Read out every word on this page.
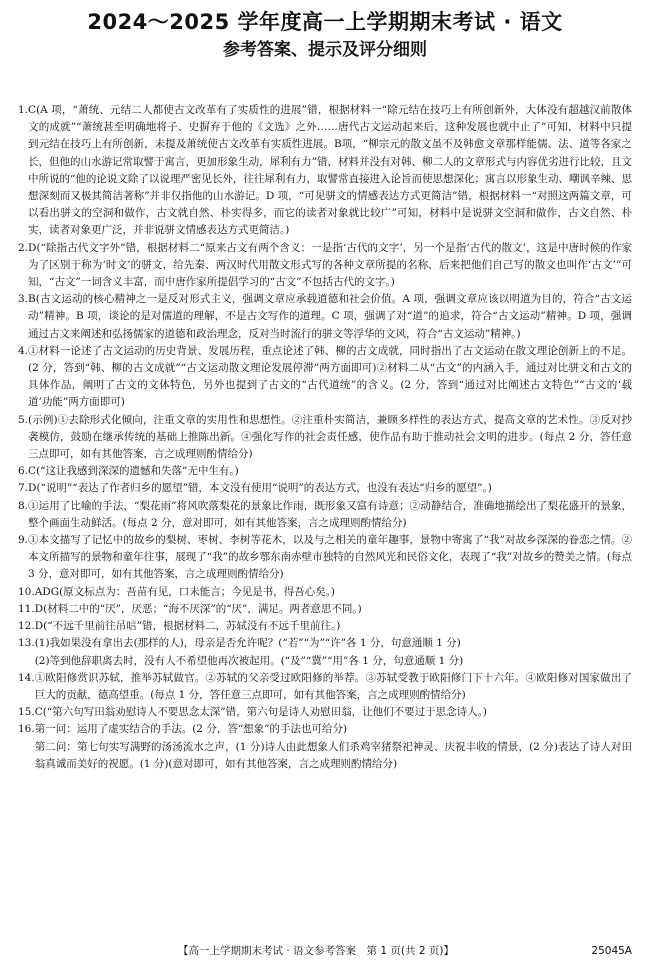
2024～2025 学年度高一上学期期末考试 · 语文
参考答案、提示及评分细则
1. C(A 项，“萧统、元结二人都使古文改革有了实质性的进展”错，根据材料一“除元结在技巧上有所创新外，大体没有超越汉前散体文的成就”“萧统甚至明确地将子、史摒弃于他的《文选》之外……唐代古文运动起来后，这种发展也就中止了”可知，材料中只提到元结在技巧上有所创新，未提及萧统使古文改革有实质性进展。B项，“柳宗元的散文虽不及韩愈文章那样能儒、法、道等各家之长，但他的山水游记常取譬于寓言，更加形象生动，犀利有力”错，材料并没有对韩、柳二人的文章形式与内容优劣进行比较，且文中所说的“他的论说文除了以说理严密见长外，往往犀利有力，取譬常直接进入论旨而使思想深化；寓言以形象生动、嘲讽辛辣、思想深刻而又极其简洁著称”并非仅指他的山水游记。D 项，“可见骈文的情感表达方式更简洁”错，根据材料一“对照这两篇文章，可以看出骈文的空洞和做作，古文就自然、朴实得多，而它的读者对象就比较广”可知，材料中是说骈文空洞和做作，古文自然、朴实，读者对象更广泛，并非说骈文情感表达方式更简洁。)
2. D(“除指古代文字外”错，根据材料二“原来古文有两个含义：一是指‘古代的文字’，另一个是指‘古代的散文’，这是中唐时候的作家为了区别于称为‘时文’的骈文，给先秦、两汉时代用散文形式写的各种文章所提的名称，后来把他们自己写的散文也叫作‘古文’”可知，“古文”一词含义丰富，而中唐作家所提倡学习的“古文”不包括古代的文字。)
3. B(古文运动的核心精神之一是反对形式主义，强调文章应承载道德和社会价值。A 项，强调文章应该以明道为目的，符合“古文运动”精神。B 项，谈论的是对儒道的理解，不是古文写作的道理。C 项，强调了对“道”的追求，符合“古文运动”精神。D 项，强调通过古文来阐述和弘扬儒家的道德和政治理念，反对当时流行的骈文等浮华的文风，符合“古文运动”精神。)
4. ①材料一论述了古文运动的历史背景、发展历程，重点论述了韩、柳的古文成就，同时指出了古文运动在散文理论创新上的不足。(2 分，答到“韩、柳的古文成就”“古文运动散文理论发展停滞”两方面即可)②材料二从“古文”的内涵入手，通过对比骈文和古文的具体作品，阐明了古文的文体特色，另外也提到了古文的“古代道统”的含义。(2 分，答到“通过对比阐述古文特色”“古文的‘载道’功能”两方面即可)
5. (示例)①去除形式化倾向，注重文章的实用性和思想性。②注重朴实简洁，兼顾多样性的表达方式，提高文章的艺术性。③反对抄袭模仿，鼓励在继承传统的基础上推陈出新。④强化写作的社会责任感，使作品有助于推动社会文明的进步。(每点 2 分，答任意三点即可，如有其他答案，言之成理则酌情给分)
6. C(“这让我感到深深的遗憾和失落”无中生有。)
7. D(“说明”“表达了作者归乡的愿望”错，本文没有使用“说明”的表达方式，也没有表达“归乡的愿望”。)
8. ①运用了比喻的手法，“梨花雨”将风吹落梨花的景象比作雨，既形象又富有诗意；②动静结合，准确地描绘出了梨花盛开的景象，整个画面生动鲜活。(每点 2 分，意对即可，如有其他答案，言之成理则酌情给分)
9. ①本文描写了记忆中的故乡的梨树、枣树、李树等花木，以及与之相关的童年趣事，景物中寄寓了“我”对故乡深深的眷恋之情。②本文所描写的景物和童年往事，展现了“我”的故乡鄂东南赤壁市独特的自然风光和民俗文化，表现了“我”对故乡的赞美之情。(每点 3 分，意对即可，如有其他答案，言之成理则酌情给分)
10. ADG(原文标点为：吾苗有见，口未能言；今见是书，得吾心矣。)
11. D(材料二中的“厌”，厌恶；“海不厌深”的“厌”，满足。两者意思不同。)
12. D(“不远千里前往吊唁”错，根据材料二，苏轼没有不远千里前往。)
13. (1)我如果没有拿出去(那样的人)，母亲是否允许呢？(“若”“为”“许”各 1 分，句意通顺 1 分)
(2)等到他辞职离去时，没有人不希望他再次被起用。(“及”“冀”“用”各 1 分，句意通顺 1 分)
14. ①欧阳修赏识苏轼，推举苏轼做官。②苏轼的父亲受过欧阳修的举荐。③苏轼受教于欧阳修门下十六年。④欧阳修对国家做出了巨大的贡献，德高望重。(每点 1 分，答任意三点即可，如有其他答案，言之成理则酌情给分)
15. C(“第六句写田翁劝慰诗人不要思念太深”错，第六句是诗人劝慰田翁，让他们不要过于思念诗人。)
16. 第一问：运用了虚实结合的手法。(2 分，答“想象”的手法也可给分)
第二问：第七句实写满野的汤汤流水之声，(1 分)诗人由此想象人们杀鸡宰猪祭祀神灵、庆祝丰收的情景，(2 分)表达了诗人对田翁真诚而美好的祝愿。(1 分)(意对即可，如有其他答案，言之成理则酌情给分)
【高一上学期期末考试 · 语文参考答案　第 1 页(共 2 页)】	25045A
